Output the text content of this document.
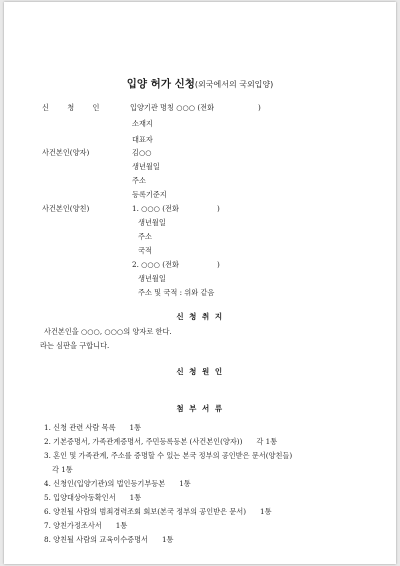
입양 허가 신청(외국에서의 국외입양)
신 청 인	입양기관 명칭 ○○○ (전화	)
소재지
대표자
사건본인(양자)	김○○
생년월일
주소
등록기준지
사건본인(양친)	1. ○○○ (전화	)
생년월일
주소
국적
2. ○○○ (전화	)
생년월일
주소 및 국적 : 위와 같음
신 청 취 지
사건본인을 ○○○, ○○○의 양자로 한다.
라는 심판을 구합니다.
신 청 원 인
첨 부 서 류
1. 신청 관련 사람 목록 1통
2. 기본증명서, 가족관계증명서, 주민등록등본 (사건본인(양자)) 각 1통
3. 혼인 및 가족관계, 주소를 증명할 수 있는 본국 정부의 공인받은 문서(양친들)
각 1통
4. 신청인(입양기관)의 법인등기부등본 1통
5. 입양대상아동확인서 1통
6. 양친될 사람의 범죄경력조회 회보(본국 정부의 공인받은 문서) 1통
7. 양친가정조사서 1통
8. 양친될 사람의 교육이수증명서 1통
